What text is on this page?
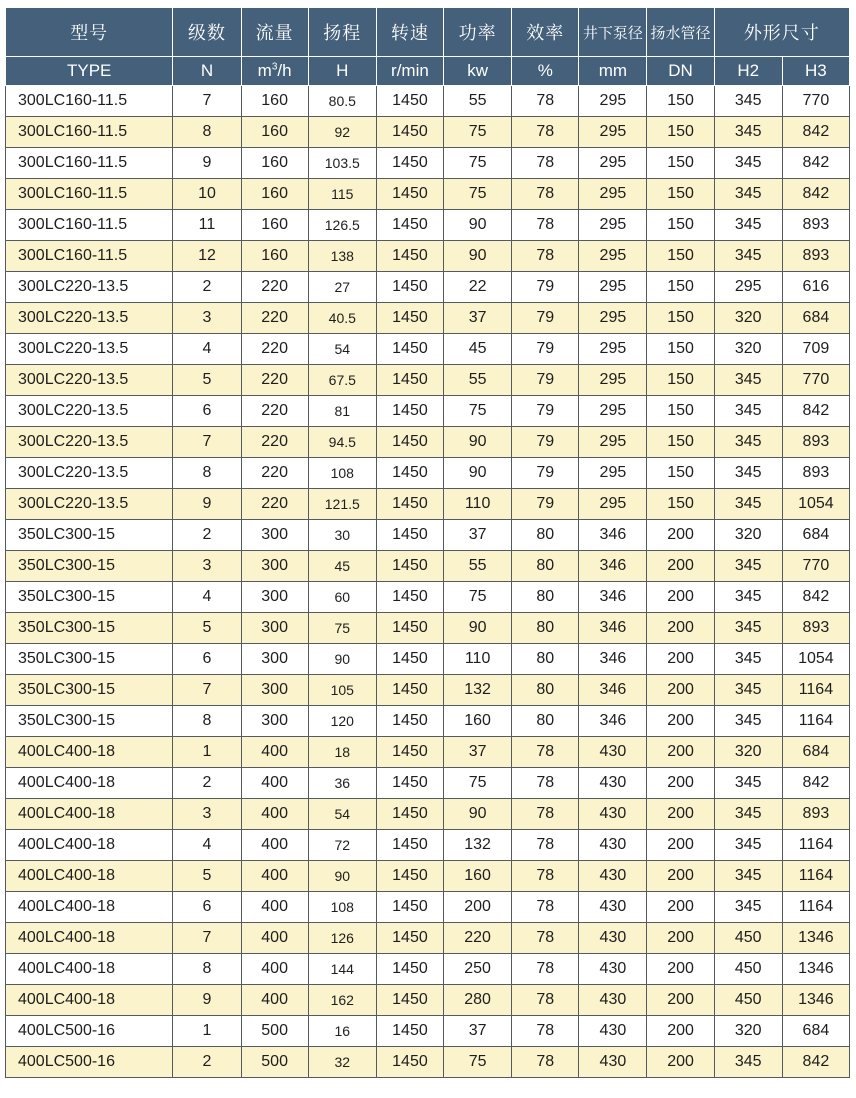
型号	级数	流量	扬程	转速	功率	效率	井下泵径	扬水管径	外形尺寸	
TYPE	N	$m^3/h$	H	r/min	kw	%	mm	DN	H2	H3
300LC160-11.5	7	160	80.5	1450	55	78	295	150	345	770
300LC160-11.5	8	160	92	1450	75	78	295	150	345	842
300LC160-11.5	9	160	103.5	1450	75	78	295	150	345	842
300LC160-11.5	10	160	115	1450	75	78	295	150	345	842
300LC160-11.5	11	160	126.5	1450	90	78	295	150	345	893
300LC160-11.5	12	160	138	1450	90	78	295	150	345	893
300LC220-13.5	2	220	27	1450	22	79	295	150	295	616
300LC220-13.5	3	220	40.5	1450	37	79	295	150	320	684
300LC220-13.5	4	220	54	1450	45	79	295	150	320	709
300LC220-13.5	5	220	67.5	1450	55	79	295	150	345	770
300LC220-13.5	6	220	81	1450	75	79	295	150	345	842
300LC220-13.5	7	220	94.5	1450	90	79	295	150	345	893
300LC220-13.5	8	220	108	1450	90	79	295	150	345	893
300LC220-13.5	9	220	121.5	1450	110	79	295	150	345	1054
350LC300-15	2	300	30	1450	37	80	346	200	320	684
350LC300-15	3	300	45	1450	55	80	346	200	345	770
350LC300-15	4	300	60	1450	75	80	346	200	345	842
350LC300-15	5	300	75	1450	90	80	346	200	345	893
350LC300-15	6	300	90	1450	110	80	346	200	345	1054
350LC300-15	7	300	105	1450	132	80	346	200	345	1164
350LC300-15	8	300	120	1450	160	80	346	200	345	1164
400LC400-18	1	400	18	1450	37	78	430	200	320	684
400LC400-18	2	400	36	1450	75	78	430	200	345	842
400LC400-18	3	400	54	1450	90	78	430	200	345	893
400LC400-18	4	400	72	1450	132	78	430	200	345	1164
400LC400-18	5	400	90	1450	160	78	430	200	345	1164
400LC400-18	6	400	108	1450	200	78	430	200	345	1164
400LC400-18	7	400	126	1450	220	78	430	200	450	1346
400LC400-18	8	400	144	1450	250	78	430	200	450	1346
400LC400-18	9	400	162	1450	280	78	430	200	450	1346
400LC500-16	1	500	16	1450	37	78	430	200	320	684
400LC500-16	2	500	32	1450	75	78	430	200	345	842
